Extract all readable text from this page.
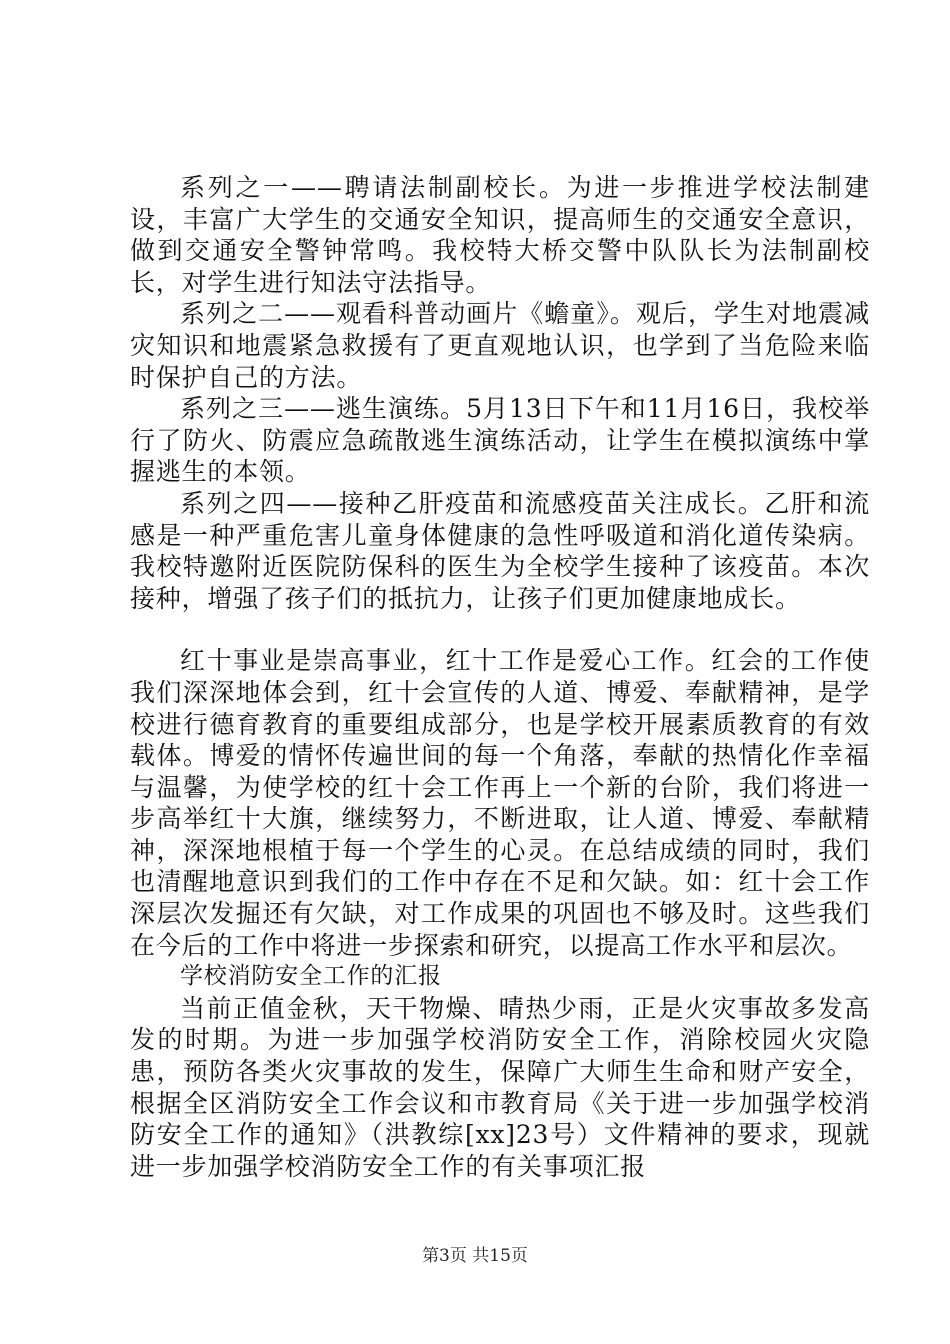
系列之一——聘请法制副校长。为进一步推进学校法制建设，丰富广大学生的交通安全知识，提高师生的交通安全意识，做到交通安全警钟常鸣。我校特大桥交警中队队长为法制副校长，对学生进行知法守法指导。

系列之二——观看科普动画片《蟾童》。观后，学生对地震减灾知识和地震紧急救援有了更直观地认识，也学到了当危险来临时保护自己的方法。

系列之三——逃生演练。5月13日下午和11月16日，我校举行了防火、防震应急疏散逃生演练活动，让学生在模拟演练中掌握逃生的本领。

系列之四——接种乙肝疫苗和流感疫苗关注成长。乙肝和流感是一种严重危害儿童身体健康的急性呼吸道和消化道传染病。我校特邀附近医院防保科的医生为全校学生接种了该疫苗。本次接种，增强了孩子们的抵抗力，让孩子们更加健康地成长。

红十事业是崇高事业，红十工作是爱心工作。红会的工作使我们深深地体会到，红十会宣传的人道、博爱、奉献精神，是学校进行德育教育的重要组成部分，也是学校开展素质教育的有效载体。博爱的情怀传遍世间的每一个角落，奉献的热情化作幸福与温馨，为使学校的红十会工作再上一个新的台阶，我们将进一步高举红十大旗，继续努力，不断进取，让人道、博爱、奉献精神，深深地根植于每一个学生的心灵。在总结成绩的同时，我们也清醒地意识到我们的工作中存在不足和欠缺。如：红十会工作深层次发掘还有欠缺，对工作成果的巩固也不够及时。这些我们在今后的工作中将进一步探索和研究，以提高工作水平和层次。

学校消防安全工作的汇报

当前正值金秋，天干物燥、晴热少雨，正是火灾事故多发高发的时期。为进一步加强学校消防安全工作，消除校园火灾隐患，预防各类火灾事故的发生，保障广大师生生命和财产安全，根据全区消防安全工作会议和市教育局《关于进一步加强学校消防安全工作的通知》（洪教综[xx]23号）文件精神的要求，现就进一步加强学校消防安全工作的有关事项汇报

第3页 共15页
